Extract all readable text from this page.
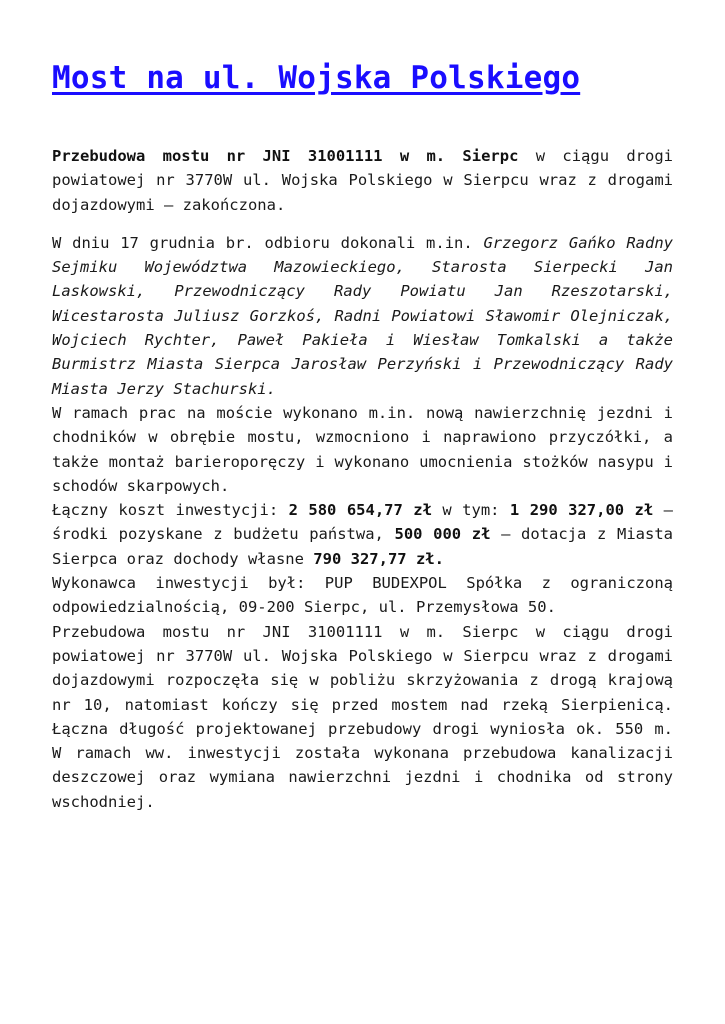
Most na ul. Wojska Polskiego

Przebudowa mostu nr JNI 31001111 w m. Sierpc w ciągu drogi powiatowej nr 3770W ul. Wojska Polskiego w Sierpcu wraz z drogami dojazdowymi – zakończona.

W dniu 17 grudnia br. odbioru dokonali m.in. Grzegorz Gańko Radny Sejmiku Województwa Mazowieckiego, Starosta Sierpecki Jan Laskowski, Przewodniczący Rady Powiatu Jan Rzeszotarski, Wicestarosta Juliusz Gorzkoś, Radni Powiatowi Sławomir Olejniczak, Wojciech Rychter, Paweł Pakieła i Wiesław Tomkalski a także Burmistrz Miasta Sierpca Jarosław Perzyński i Przewodniczący Rady Miasta Jerzy Stachurski.

W ramach prac na moście wykonano m.in. nową nawierzchnię jezdni i chodników w obrębie mostu, wzmocniono i naprawiono przyczółki, a także montaż barieroporęczy i wykonano umocnienia stożków nasypu i schodów skarpowych.

Łączny koszt inwestycji: 2 580 654,77 zł w tym: 1 290 327,00 zł – środki pozyskane z budżetu państwa, 500 000 zł – dotacja z Miasta Sierpca oraz dochody własne 790 327,77 zł.

Wykonawca inwestycji był: PUP BUDEXPOL Spółka z ograniczoną odpowiedzialnością, 09-200 Sierpc, ul. Przemysłowa 50.

Przebudowa mostu nr JNI 31001111 w m. Sierpc w ciągu drogi powiatowej nr 3770W ul. Wojska Polskiego w Sierpcu wraz z drogami dojazdowymi rozpoczęła się w pobliżu skrzyżowania z drogą krajową nr 10, natomiast kończy się przed mostem nad rzeką Sierpienicą. Łączna długość projektowanej przebudowy drogi wyniosła ok. 550 m. W ramach ww. inwestycji została wykonana przebudowa kanalizacji deszczowej oraz wymiana nawierzchni jezdni i chodnika od strony wschodniej.
